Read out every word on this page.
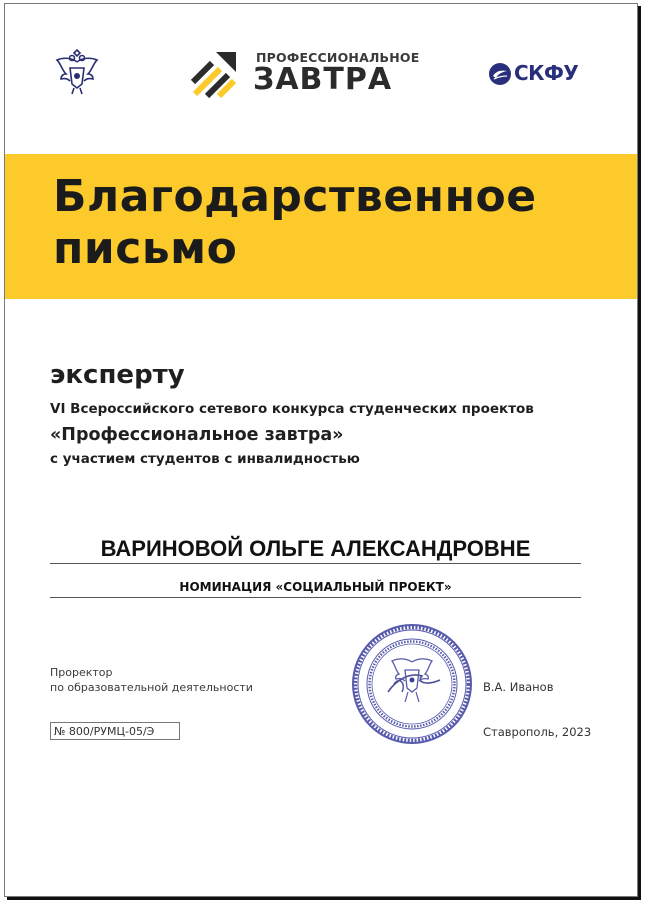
ПРОФЕССИОНАЛЬНОЕ
ЗАВТРА	СКФУ
Благодарственное
письмо
эксперту
VI Всероссийского сетевого конкурса студенческих проектов
«Профессиональное завтра»
с участием студентов с инвалидностью
ВАРИНОВОЙ ОЛЬГЕ АЛЕКСАНДРОВНЕ
НОМИНАЦИЯ «СОЦИАЛЬНЫЙ ПРОЕКТ»
Проректор
по образовательной деятельности
№ 800/РУМЦ-05/Э
В.А. Иванов
Ставрополь, 2023
